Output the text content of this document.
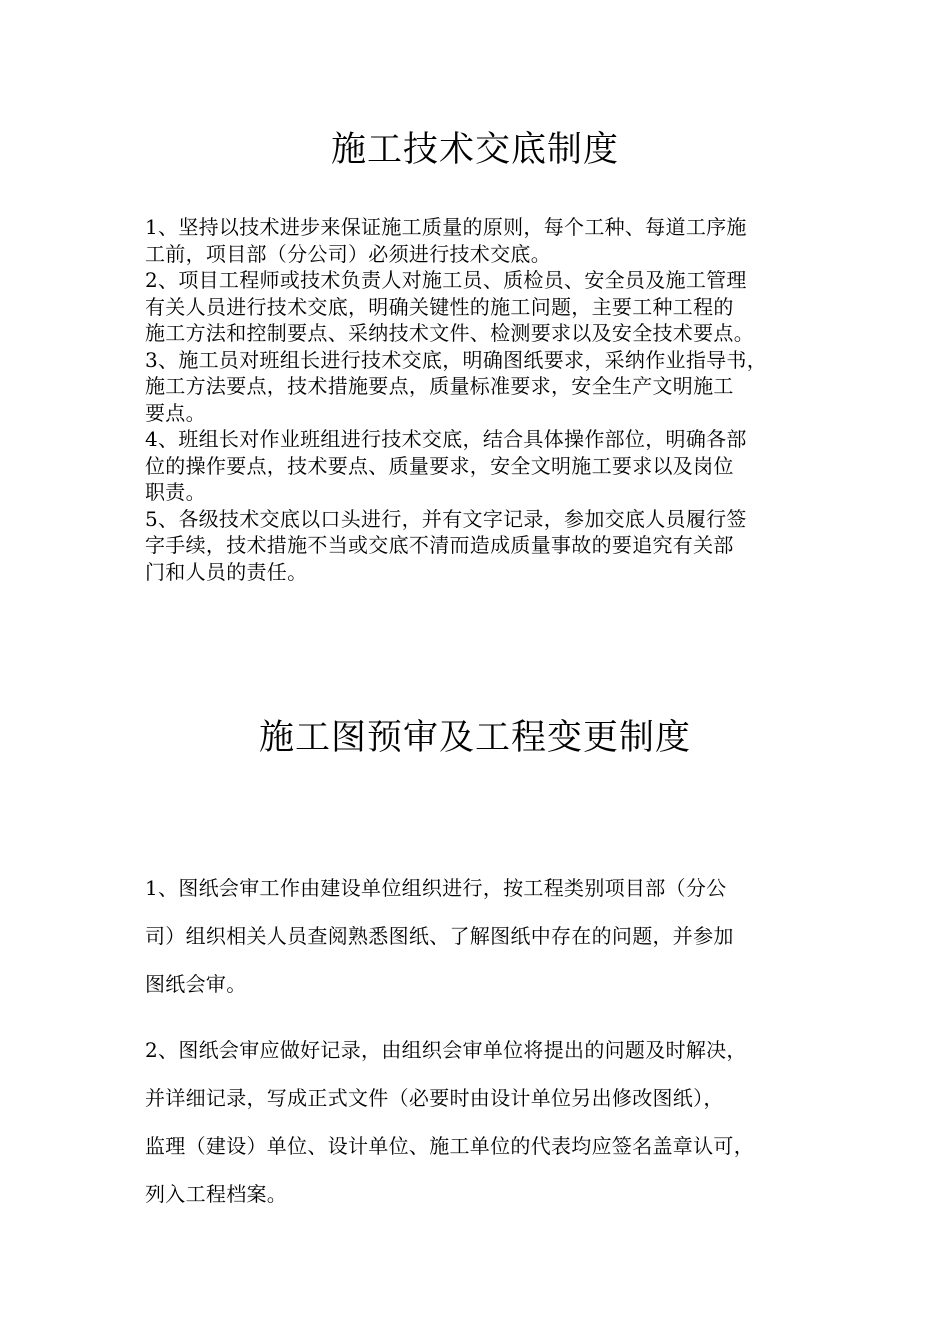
施工技术交底制度

1、坚持以技术进步来保证施工质量的原则，每个工种、每道工序施
工前，项目部（分公司）必须进行技术交底。

2、项目工程师或技术负责人对施工员、质检员、安全员及施工管理
有关人员进行技术交底，明确关键性的施工问题，主要工种工程的
施工方法和控制要点、采纳技术文件、检测要求以及安全技术要点。

3、施工员对班组长进行技术交底，明确图纸要求，采纳作业指导书，
施工方法要点，技术措施要点，质量标准要求，安全生产文明施工
要点。

4、班组长对作业班组进行技术交底，结合具体操作部位，明确各部
位的操作要点，技术要点、质量要求，安全文明施工要求以及岗位
职责。

5、各级技术交底以口头进行，并有文字记录，参加交底人员履行签
字手续，技术措施不当或交底不清而造成质量事故的要追究有关部
门和人员的责任。

施工图预审及工程变更制度

1、图纸会审工作由建设单位组织进行，按工程类别项目部（分公
司）组织相关人员查阅熟悉图纸、了解图纸中存在的问题，并参加
图纸会审。

2、图纸会审应做好记录，由组织会审单位将提出的问题及时解决，
并详细记录，写成正式文件（必要时由设计单位另出修改图纸），
监理（建设）单位、设计单位、施工单位的代表均应签名盖章认可，
列入工程档案。
